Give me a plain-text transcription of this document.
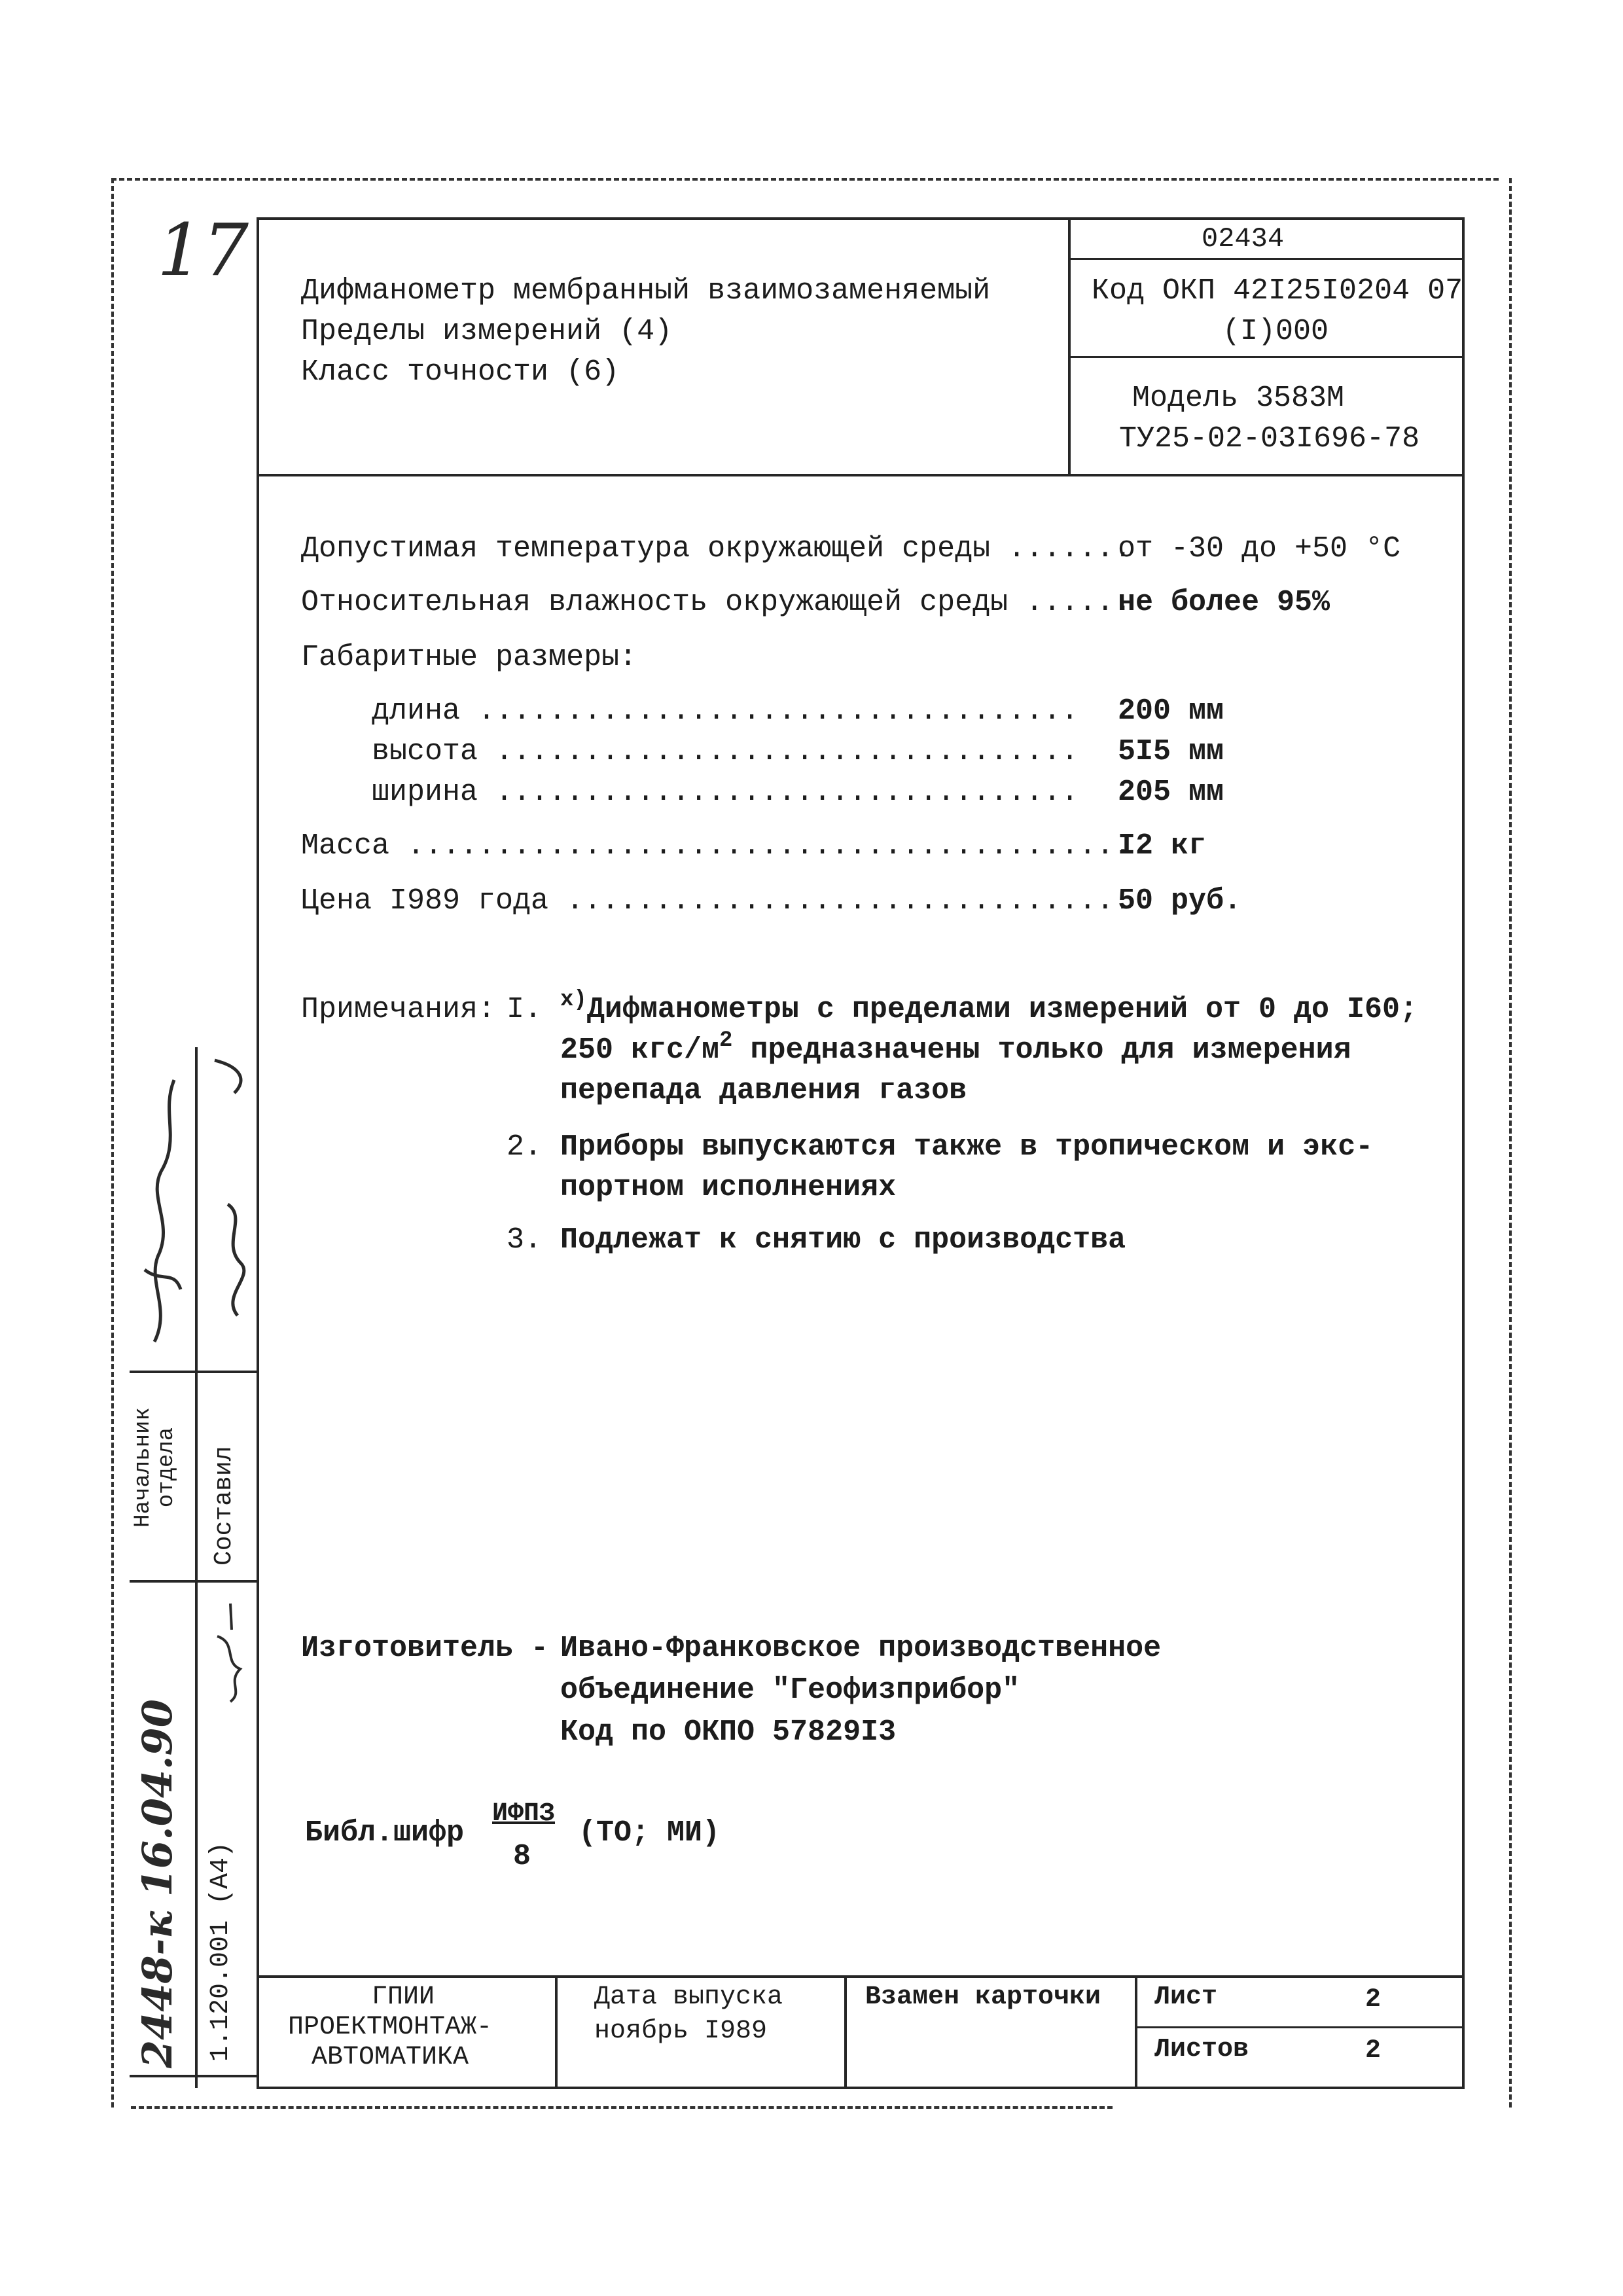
17 Дифманометр мембранный взаимозаменяемый
Пределы измерений (4)
Класс точности (6)
02434
Код ОКП 42I25I0204 07
(I)000
Модель 3583М
ТУ25-02-03I696-78
Допустимая температура окружающей среды .......
от -30 до +50 °C
Относительная влажность окружающей среды ......
не более 95%
Габаритные размеры:
длина .................................. 200 мм
высота ................................. 5I5 мм
ширина ................................. 205 мм
Масса .........................................
I2 кг
Цена I989 года ................................
50 руб.
Примечания: I. $^{x)}$Дифманометры с пределами измерений от 0 до I60;
250 кгс/$м^2$ предназначены только для измерения
перепада давления газов
2. Приборы выпускаются также в тропическом и экс-
портном исполнениях
3. Подлежат к снятию с производства
Изготовитель - Ивано-Франковское производственное
объединение "Геофизприбор"
Код по ОКПО 57829I3
Библ.шифр
ИФПЗ
8
(ТО; МИ)
ГПИИ
ПРОЕКТМОНТАЖ-
АВТОМАТИКА
Дата выпуска
ноябрь I989
Взамен карточки Лист	2
Листов	2
Начальник отдела Составил
1.120.001 (А4)
2448-к 16.04.90
